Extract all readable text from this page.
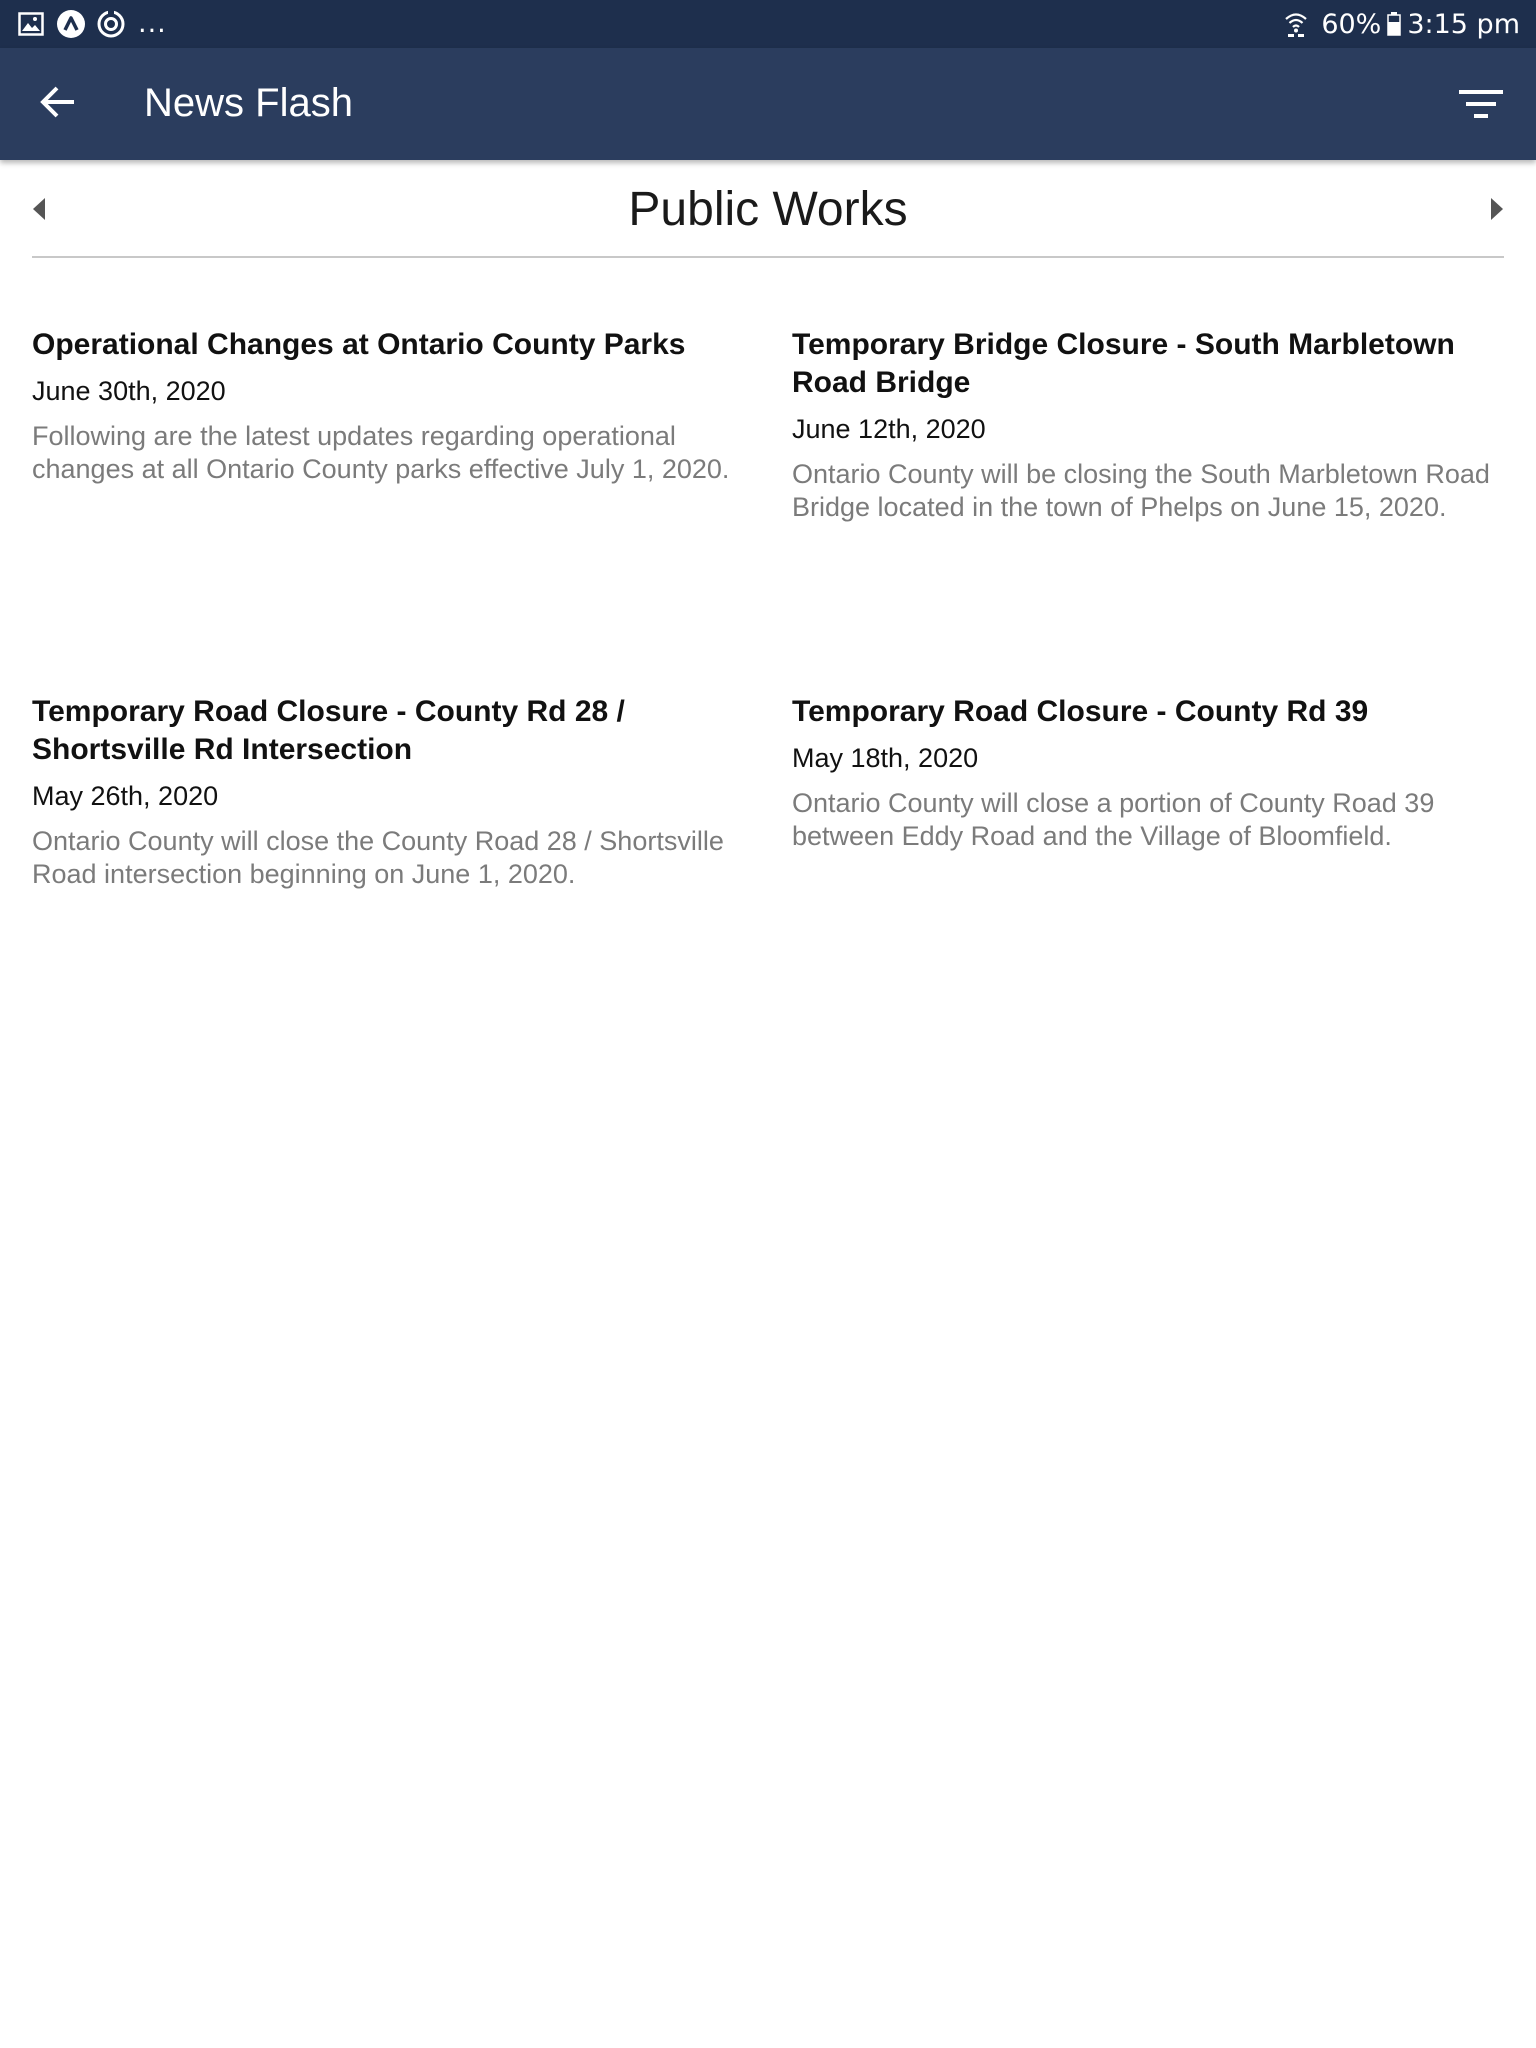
...	60% 3:15 pm
News Flash
Public Works
Operational Changes at Ontario County Parks
June 30th, 2020
Following are the latest updates regarding operational changes at all Ontario County parks effective July 1, 2020.
Temporary Bridge Closure - South Marbletown Road Bridge
June 12th, 2020
Ontario County will be closing the South Marbletown Road Bridge located in the town of Phelps on June 15, 2020.
Temporary Road Closure - County Rd 28 / Shortsville Rd Intersection
May 26th, 2020
Ontario County will close the County Road 28 / Shortsville Road intersection beginning on June 1, 2020.
Temporary Road Closure - County Rd 39
May 18th, 2020
Ontario County will close a portion of County Road 39 between Eddy Road and the Village of Bloomfield.
